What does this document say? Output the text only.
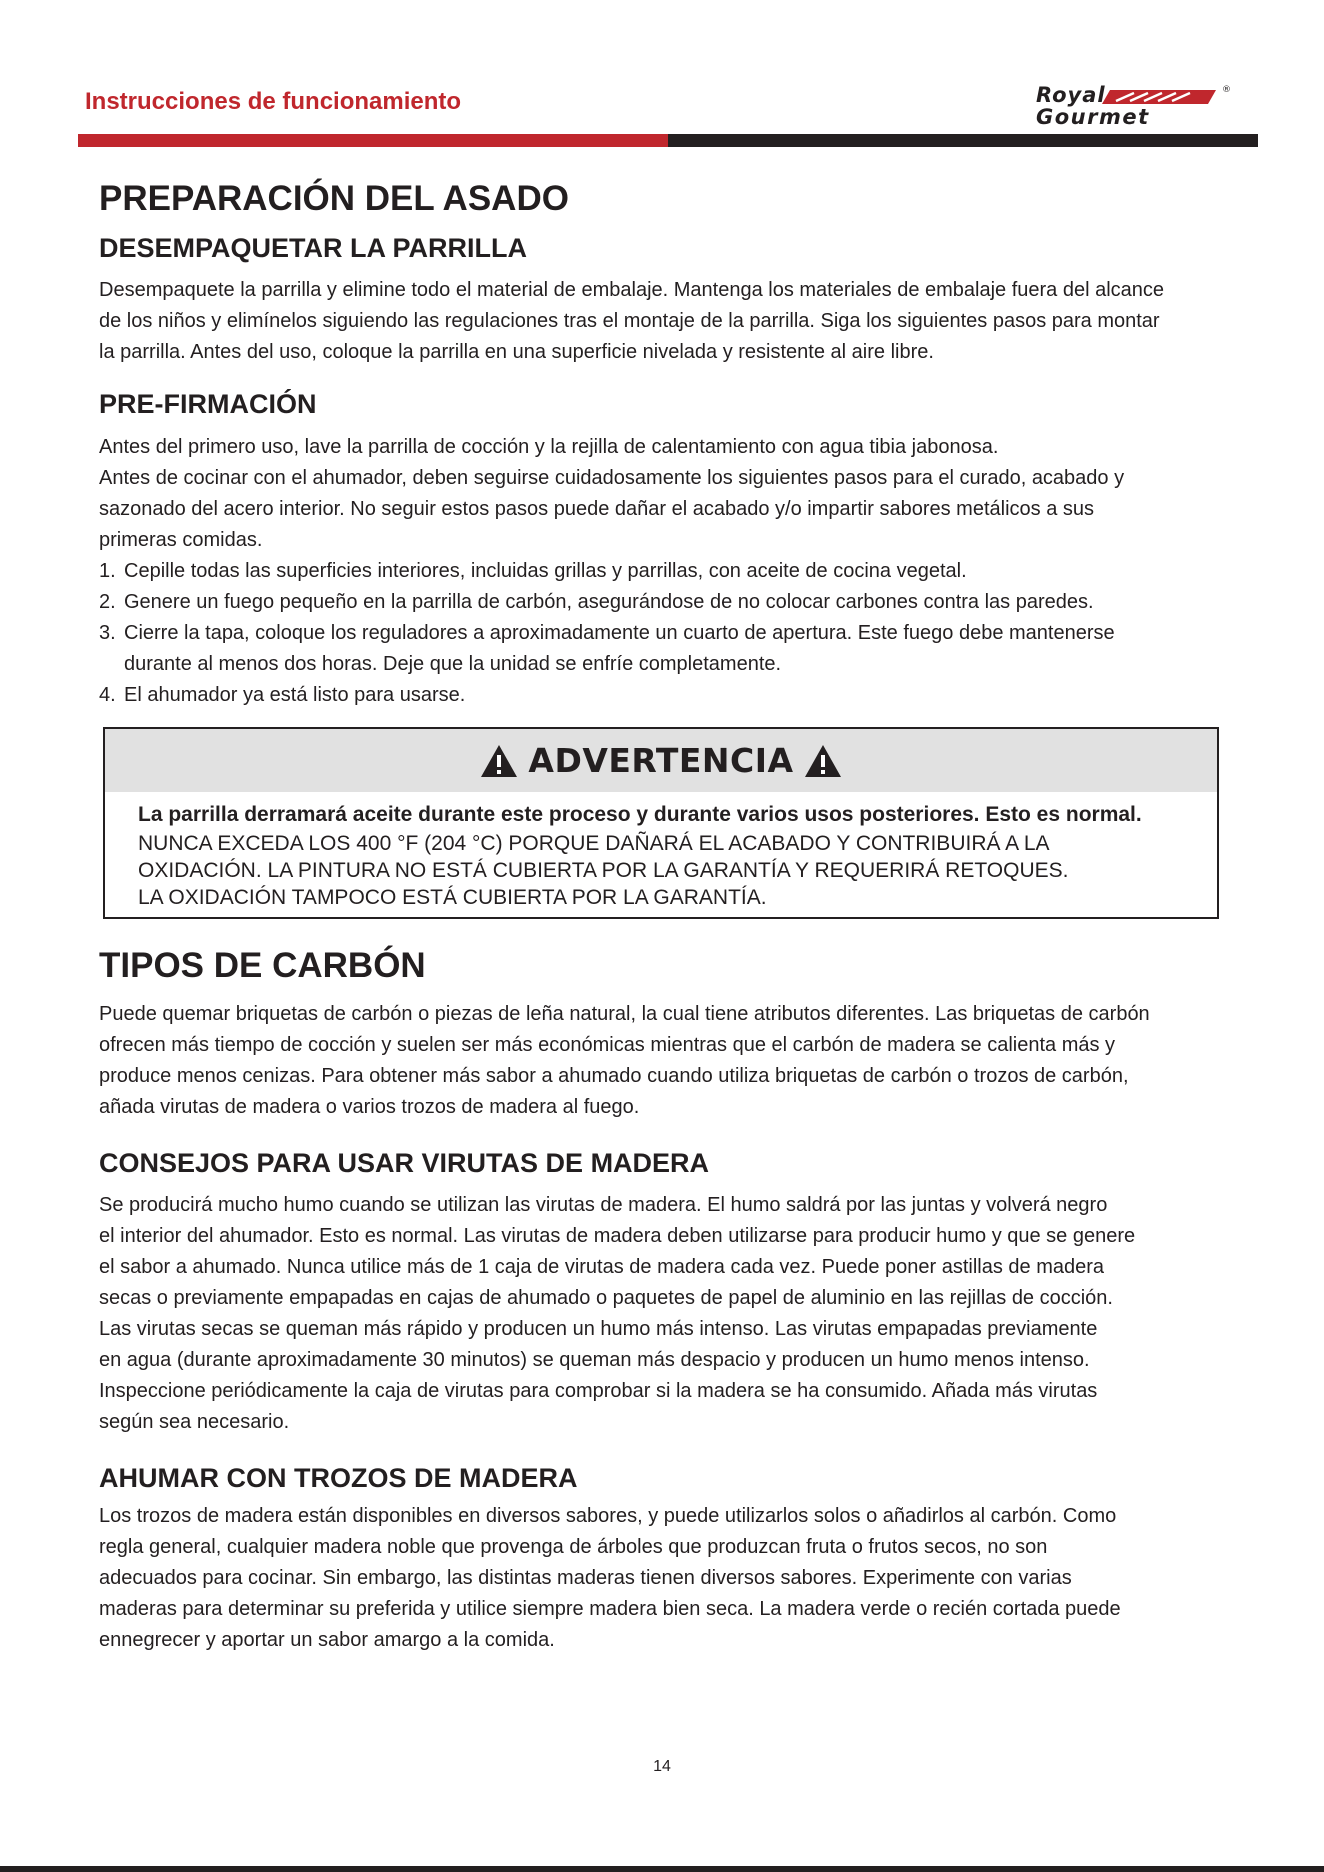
Instrucciones de funcionamiento	Royal
Gourmet
®
PREPARACIÓN DEL ASADO
DESEMPAQUETAR LA PARRILLA

Desempaquete la parrilla y elimine todo el material de embalaje. Mantenga los materiales de embalaje fuera del alcance

de los niños y elimínelos siguiendo las regulaciones tras el montaje de la parrilla. Siga los siguientes pasos para montar

la parrilla. Antes del uso, coloque la parrilla en una superficie nivelada y resistente al aire libre.

PRE-FIRMACIÓN

Antes del primero uso, lave la parrilla de cocción y la rejilla de calentamiento con agua tibia jabonosa.

Antes de cocinar con el ahumador, deben seguirse cuidadosamente los siguientes pasos para el curado, acabado y

sazonado del acero interior. No seguir estos pasos puede dañar el acabado y/o impartir sabores metálicos a sus

primeras comidas.

1. Cepille todas las superficies interiores, incluidas grillas y parrillas, con aceite de cocina vegetal.
2. Genere un fuego pequeño en la parrilla de carbón, asegurándose de no colocar carbones contra las paredes.
3. Cierre la tapa, coloque los reguladores a aproximadamente un cuarto de apertura. Este fuego debe mantenerse
durante al menos dos horas. Deje que la unidad se enfríe completamente.
4. El ahumador ya está listo para usarse.
ADVERTENCIA
La parrilla derramará aceite durante este proceso y durante varios usos posteriores. Esto es normal.
NUNCA EXCEDA LOS 400 °F (204 °C) PORQUE DAÑARÁ EL ACABADO Y CONTRIBUIRÁ A LA
OXIDACIÓN. LA PINTURA NO ESTÁ CUBIERTA POR LA GARANTÍA Y REQUERIRÁ RETOQUES.
LA OXIDACIÓN TAMPOCO ESTÁ CUBIERTA POR LA GARANTÍA.
TIPOS DE CARBÓN

Puede quemar briquetas de carbón o piezas de leña natural, la cual tiene atributos diferentes. Las briquetas de carbón

ofrecen más tiempo de cocción y suelen ser más económicas mientras que el carbón de madera se calienta más y

produce menos cenizas. Para obtener más sabor a ahumado cuando utiliza briquetas de carbón o trozos de carbón,

añada virutas de madera o varios trozos de madera al fuego.

CONSEJOS PARA USAR VIRUTAS DE MADERA

Se producirá mucho humo cuando se utilizan las virutas de madera. El humo saldrá por las juntas y volverá negro

el interior del ahumador. Esto es normal. Las virutas de madera deben utilizarse para producir humo y que se genere

el sabor a ahumado. Nunca utilice más de 1 caja de virutas de madera cada vez. Puede poner astillas de madera

secas o previamente empapadas en cajas de ahumado o paquetes de papel de aluminio en las rejillas de cocción.

Las virutas secas se queman más rápido y producen un humo más intenso. Las virutas empapadas previamente

en agua (durante aproximadamente 30 minutos) se queman más despacio y producen un humo menos intenso.

Inspeccione periódicamente la caja de virutas para comprobar si la madera se ha consumido. Añada más virutas

según sea necesario.

AHUMAR CON TROZOS DE MADERA

Los trozos de madera están disponibles en diversos sabores, y puede utilizarlos solos o añadirlos al carbón. Como

regla general, cualquier madera noble que provenga de árboles que produzcan fruta o frutos secos, no son

adecuados para cocinar. Sin embargo, las distintas maderas tienen diversos sabores. Experimente con varias

maderas para determinar su preferida y utilice siempre madera bien seca. La madera verde o recién cortada puede

ennegrecer y aportar un sabor amargo a la comida.

14
